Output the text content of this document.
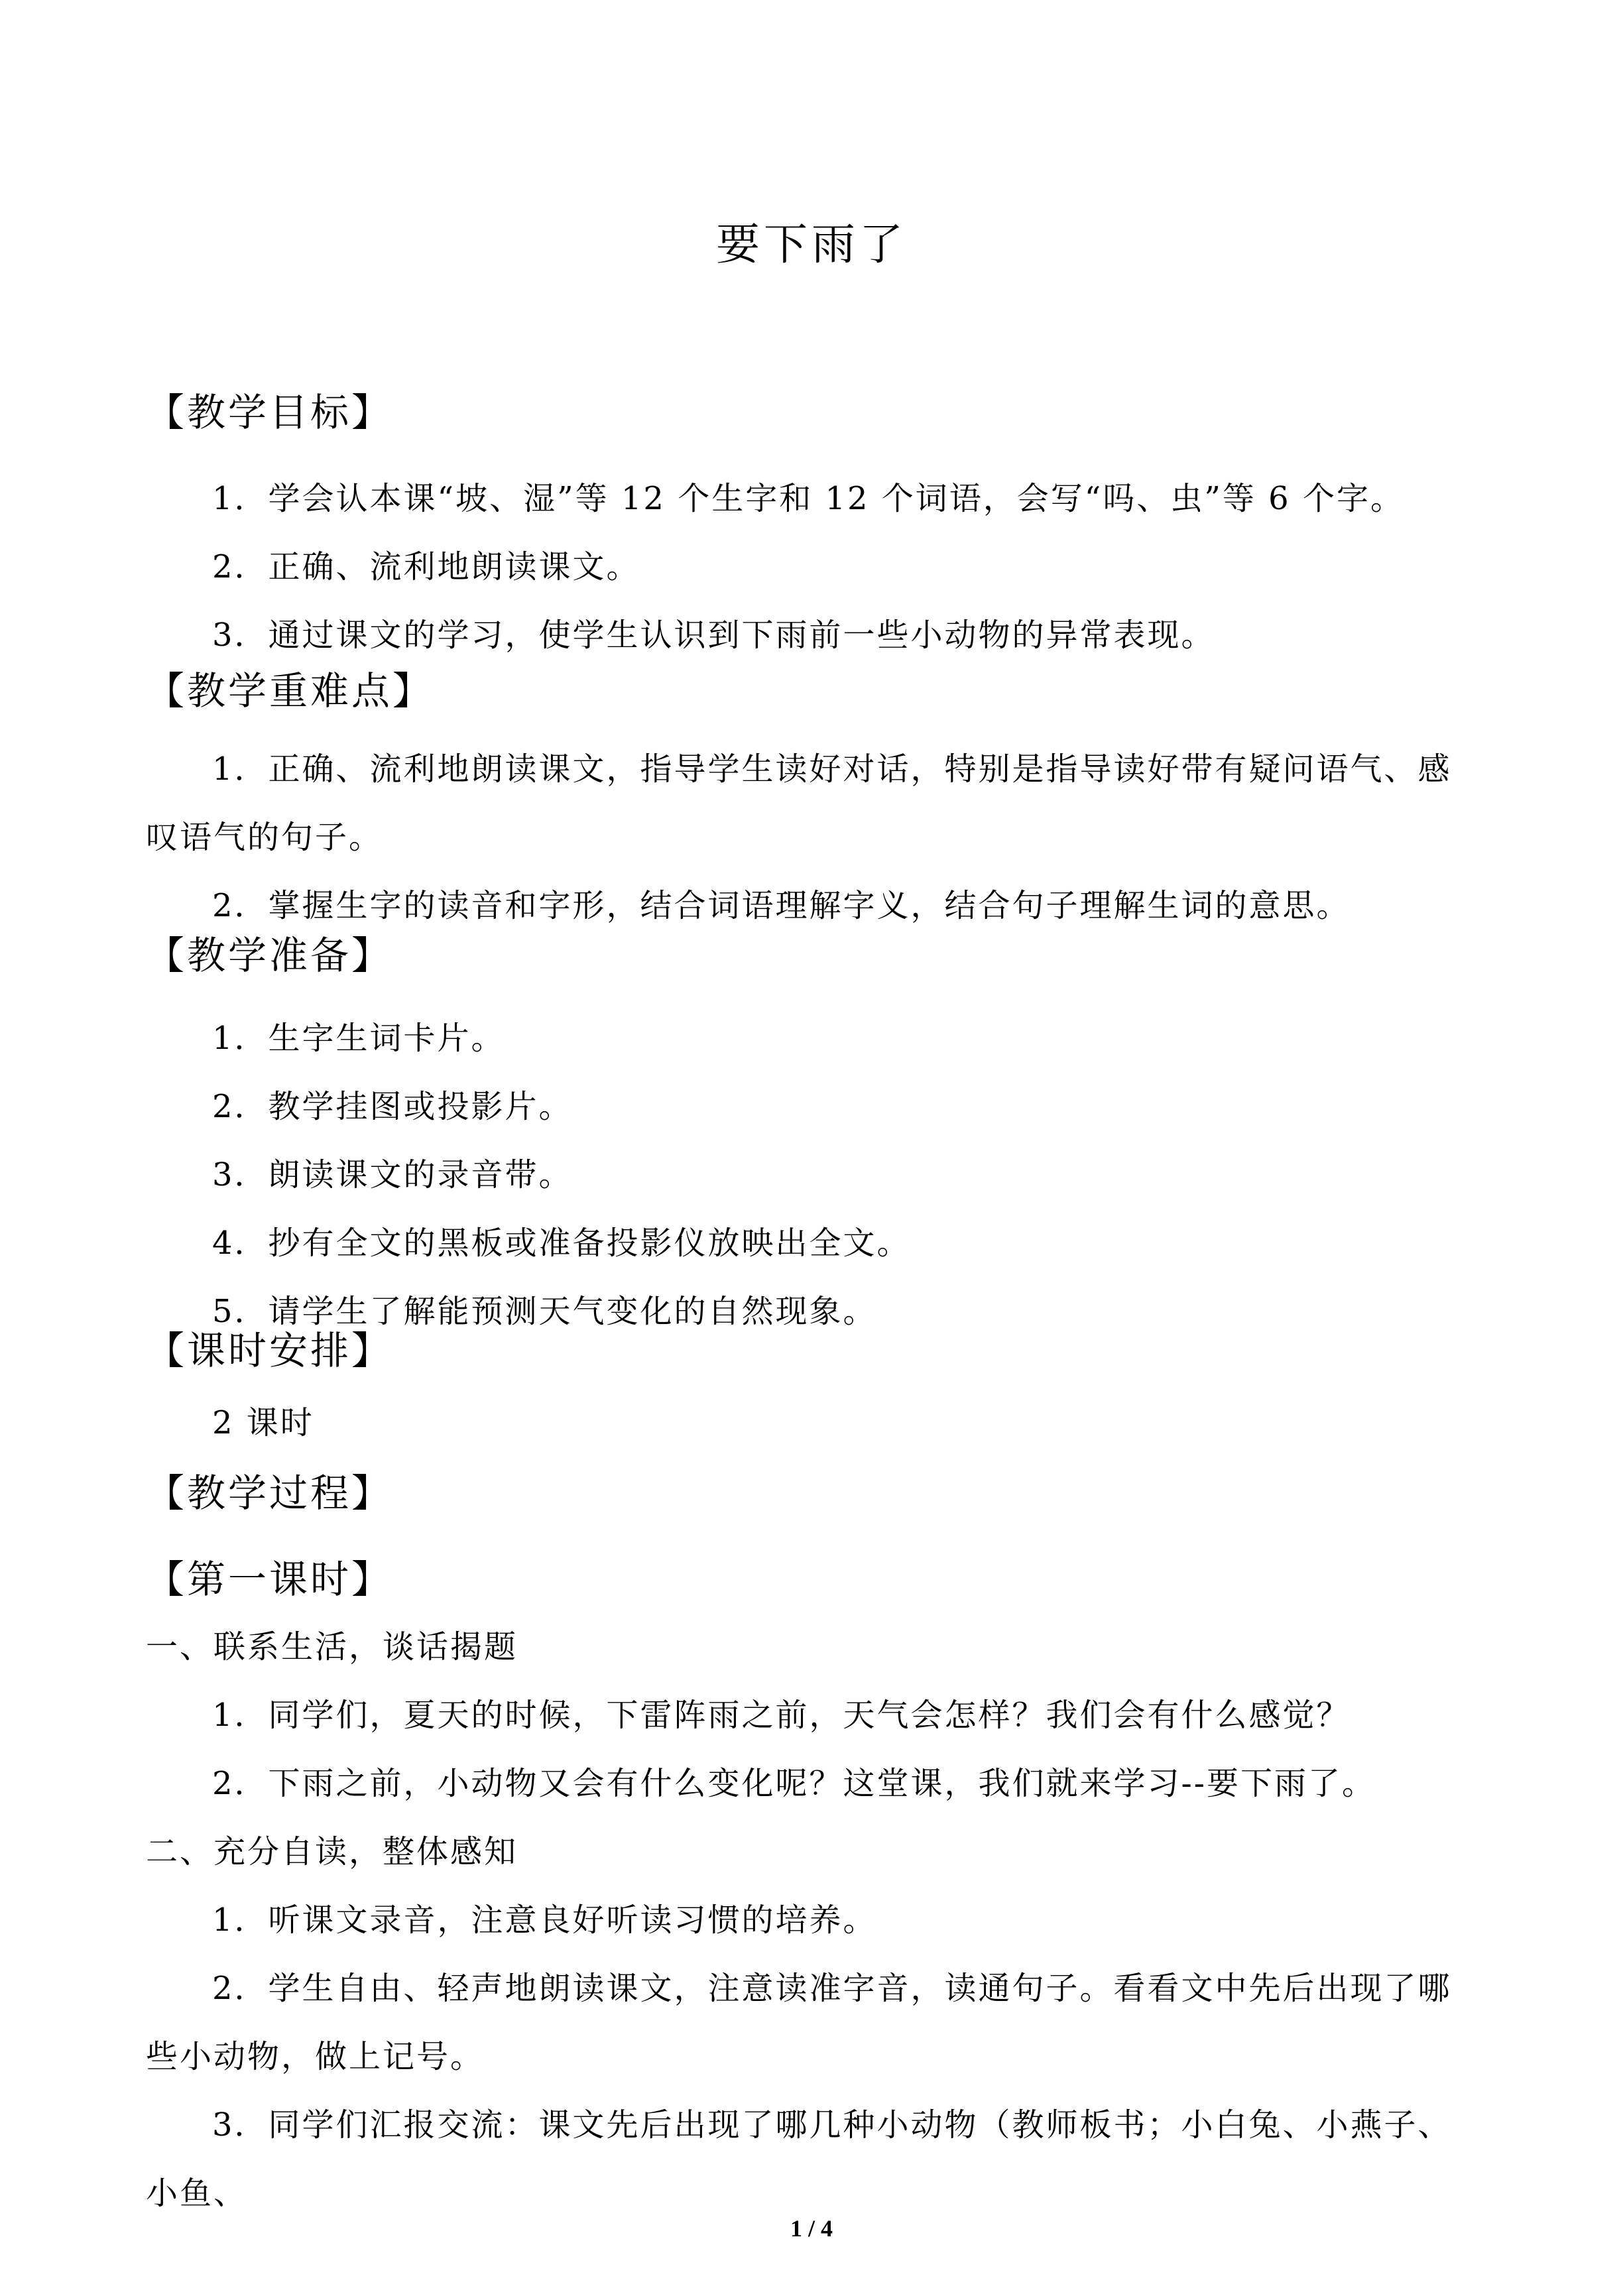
要下雨了
【教学目标】

1．学会认本课“坡、湿”等 12 个生字和 12 个词语，会写“吗、虫”等 6 个字。

2．正确、流利地朗读课文。

3．通过课文的学习，使学生认识到下雨前一些小动物的异常表现。

【教学重难点】

1．正确、流利地朗读课文，指导学生读好对话，特别是指导读好带有疑问语气、感叹语气的句子。

2．掌握生字的读音和字形，结合词语理解字义，结合句子理解生词的意思。

【教学准备】

1．生字生词卡片。

2．教学挂图或投影片。

3．朗读课文的录音带。

4．抄有全文的黑板或准备投影仪放映出全文。

5．请学生了解能预测天气变化的自然现象。

【课时安排】

2 课时

【教学过程】
【第一课时】

一、联系生活，谈话揭题

1．同学们，夏天的时候，下雷阵雨之前，天气会怎样？我们会有什么感觉？

2．下雨之前，小动物又会有什么变化呢？这堂课，我们就来学习--要下雨了。

二、充分自读，整体感知

1．听课文录音，注意良好听读习惯的培养。

2．学生自由、轻声地朗读课文，注意读准字音，读通句子。看看文中先后出现了哪些小动物，做上记号。

3．同学们汇报交流：课文先后出现了哪几种小动物（教师板书；小白兔、小燕子、小鱼、

1 / 4
